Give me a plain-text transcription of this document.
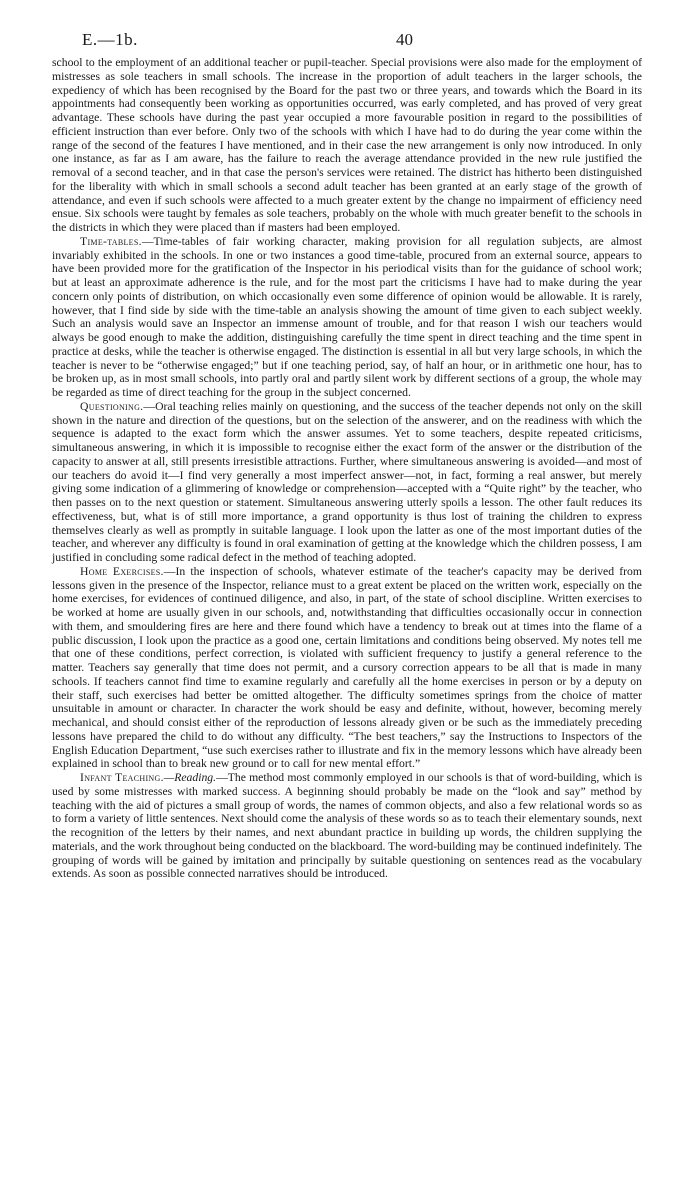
E.—1b.	40

school to the employment of an additional teacher or pupil-teacher. Special provisions were also made for the employment of mistresses as sole teachers in small schools. The increase in the proportion of adult teachers in the larger schools, the expediency of which has been recognised by the Board for the past two or three years, and towards which the Board in its appointments had consequently been working as opportunities occurred, was early completed, and has proved of very great advantage. These schools have during the past year occupied a more favourable position in regard to the possibilities of efficient instruction than ever before. Only two of the schools with which I have had to do during the year come within the range of the second of the features I have mentioned, and in their case the new arrangement is only now introduced. In only one instance, as far as I am aware, has the failure to reach the average attendance provided in the new rule justified the removal of a second teacher, and in that case the person's services were retained. The district has hitherto been distinguished for the liberality with which in small schools a second adult teacher has been granted at an early stage of the growth of attendance, and even if such schools were affected to a much greater extent by the change no impairment of efficiency need ensue. Six schools were taught by females as sole teachers, probably on the whole with much greater benefit to the schools in the districts in which they were placed than if masters had been employed.

Time-tables.—Time-tables of fair working character, making provision for all regulation subjects, are almost invariably exhibited in the schools. In one or two instances a good time-table, procured from an external source, appears to have been provided more for the gratification of the Inspector in his periodical visits than for the guidance of school work; but at least an approximate adherence is the rule, and for the most part the criticisms I have had to make during the year concern only points of distribution, on which occasionally even some difference of opinion would be allowable. It is rarely, however, that I find side by side with the time-table an analysis showing the amount of time given to each subject weekly. Such an analysis would save an Inspector an immense amount of trouble, and for that reason I wish our teachers would always be good enough to make the addition, distinguishing carefully the time spent in direct teaching and the time spent in practice at desks, while the teacher is otherwise engaged. The distinction is essential in all but very large schools, in which the teacher is never to be “otherwise engaged;” but if one teaching period, say, of half an hour, or in arithmetic one hour, has to be broken up, as in most small schools, into partly oral and partly silent work by different sections of a group, the whole may be regarded as time of direct teaching for the group in the subject concerned.

Questioning.—Oral teaching relies mainly on questioning, and the success of the teacher depends not only on the skill shown in the nature and direction of the questions, but on the selection of the answerer, and on the readiness with which the sequence is adapted to the exact form which the answer assumes. Yet to some teachers, despite repeated criticisms, simultaneous answering, in which it is impossible to recognise either the exact form of the answer or the distribution of the capacity to answer at all, still presents irresistible attractions. Further, where simultaneous answering is avoided—and most of our teachers do avoid it—I find very generally a most imperfect answer—not, in fact, forming a real answer, but merely giving some indication of a glimmering of knowledge or comprehension—accepted with a “Quite right” by the teacher, who then passes on to the next question or statement. Simultaneous answering utterly spoils a lesson. The other fault reduces its effectiveness, but, what is of still more importance, a grand opportunity is thus lost of training the children to express themselves clearly as well as promptly in suitable language. I look upon the latter as one of the most important duties of the teacher, and wherever any difficulty is found in oral examination of getting at the knowledge which the children possess, I am justified in concluding some radical defect in the method of teaching adopted.

Home Exercises.—In the inspection of schools, whatever estimate of the teacher's capacity may be derived from lessons given in the presence of the Inspector, reliance must to a great extent be placed on the written work, especially on the home exercises, for evidences of continued diligence, and also, in part, of the state of school discipline. Written exercises to be worked at home are usually given in our schools, and, notwithstanding that difficulties occasionally occur in connection with them, and smouldering fires are here and there found which have a tendency to break out at times into the flame of a public discussion, I look upon the practice as a good one, certain limitations and conditions being observed. My notes tell me that one of these conditions, perfect correction, is violated with sufficient frequency to justify a general reference to the matter. Teachers say generally that time does not permit, and a cursory correction appears to be all that is made in many schools. If teachers cannot find time to examine regularly and carefully all the home exercises in person or by a deputy on their staff, such exercises had better be omitted altogether. The difficulty sometimes springs from the choice of matter unsuitable in amount or character. In character the work should be easy and definite, without, however, becoming merely mechanical, and should consist either of the reproduction of lessons already given or be such as the immediately preceding lessons have prepared the child to do without any difficulty. “The best teachers,” say the Instructions to Inspectors of the English Education Department, “use such exercises rather to illustrate and fix in the memory lessons which have already been explained in school than to break new ground or to call for new mental effort.”

Infant Teaching.—Reading.—The method most commonly employed in our schools is that of word-building, which is used by some mistresses with marked success. A beginning should probably be made on the “look and say” method by teaching with the aid of pictures a small group of words, the names of common objects, and also a few relational words so as to form a variety of little sentences. Next should come the analysis of these words so as to teach their elementary sounds, next the recognition of the letters by their names, and next abundant practice in building up words, the children supplying the materials, and the work throughout being conducted on the blackboard. The word-building may be continued indefinitely. The grouping of words will be gained by imitation and principally by suitable questioning on sentences read as the vocabulary extends. As soon as possible connected narratives should be introduced.
